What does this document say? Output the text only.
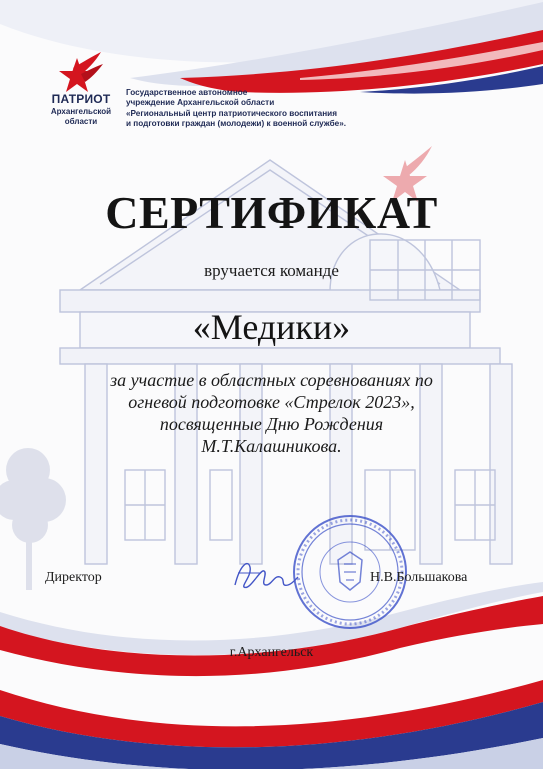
ПАТРИОТ
Архангельской
области
Государственное автономное
учреждение Архангельской области
«Региональный центр патриотического воспитания
и подготовки граждан (молодежи) к военной службе».
СЕРТИФИКАТ
вручается команде
«Медики»
за участие в областных соревнованиях по
огневой подготовке «Стрелок 2023»,
посвященные Дню Рождения
М.Т.Калашникова.
Директор	Н.В.Большакова
г.Архангельск
